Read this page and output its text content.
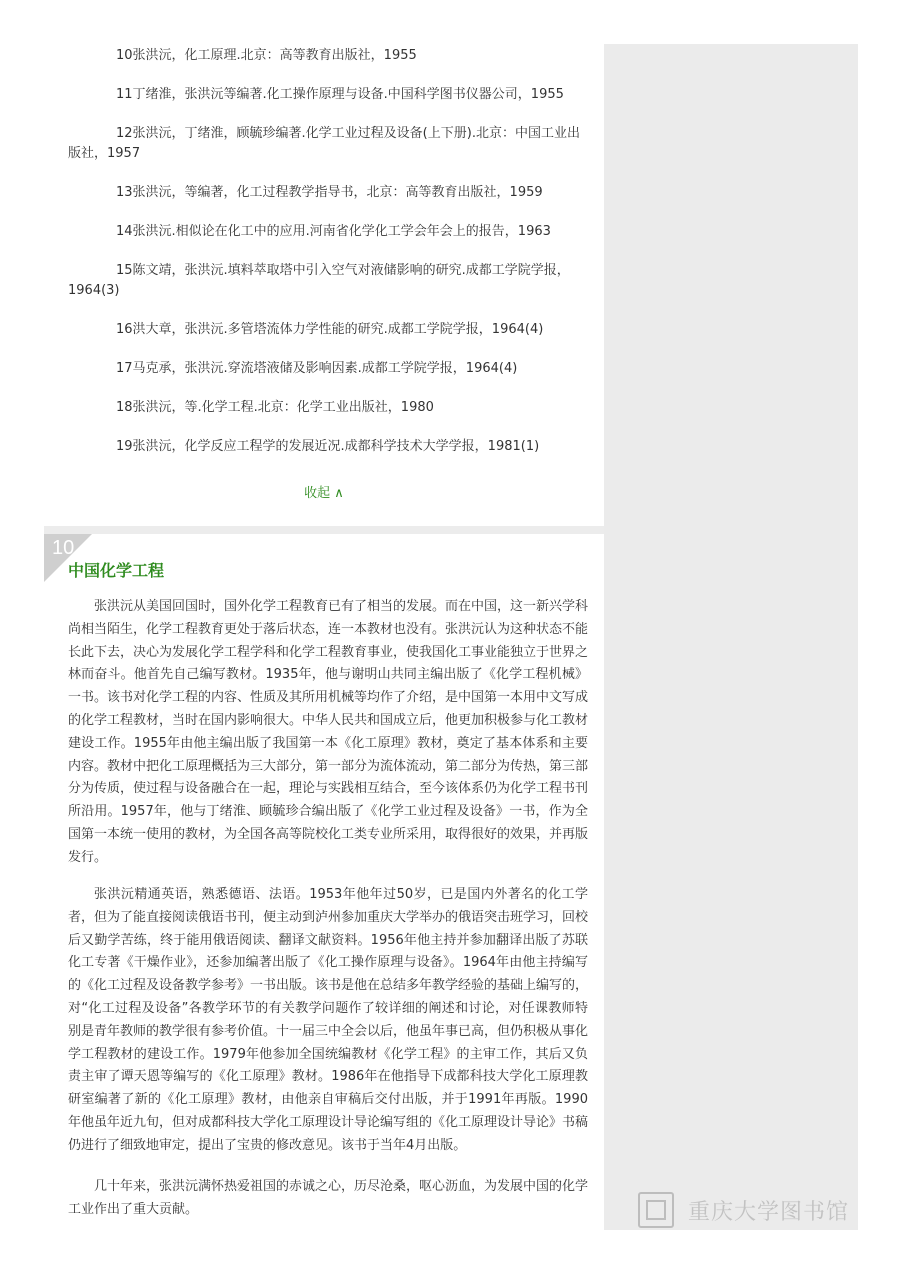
10张洪沅，化工原理.北京：高等教育出版社，1955
11丁绪淮，张洪沅等编著.化工操作原理与设备.中国科学图书仪器公司，1955
12张洪沅，丁绪淮，顾毓珍编著.化学工业过程及设备(上下册).北京：中国工业出版社，1957
13张洪沅，等编著，化工过程教学指导书，北京：高等教育出版社，1959
14张洪沅.相似论在化工中的应用.河南省化学化工学会年会上的报告，1963
15陈文靖，张洪沅.填料萃取塔中引入空气对液储影响的研究.成都工学院学报，1964(3)
16洪大章，张洪沅.多管塔流体力学性能的研究.成都工学院学报，1964(4)
17马克承，张洪沅.穿流塔液储及影响因素.成都工学院学报，1964(4)
18张洪沅，等.化学工程.北京：化学工业出版社，1980
19张洪沅，化学反应工程学的发展近况.成都科学技术大学学报，1981(1)
收起 ∧
10
中国化学工程

张洪沅从美国回国时，国外化学工程教育已有了相当的发展。而在中国，这一新兴学科尚相当陌生，化学工程教育更处于落后状态，连一本教材也没有。张洪沅认为这种状态不能长此下去，决心为发展化学工程学科和化学工程教育事业，使我国化工事业能独立于世界之林而奋斗。他首先自己编写教材。1935年，他与谢明山共同主编出版了《化学工程机械》一书。该书对化学工程的内容、性质及其所用机械等均作了介绍，是中国第一本用中文写成的化学工程教材，当时在国内影响很大。中华人民共和国成立后，他更加积极参与化工教材建设工作。1955年由他主编出版了我国第一本《化工原理》教材，奠定了基本体系和主要内容。教材中把化工原理概括为三大部分，第一部分为流体流动，第二部分为传热，第三部分为传质，使过程与设备融合在一起，理论与实践相互结合，至今该体系仍为化学工程书刊所沿用。1957年，他与丁绪淮、顾毓珍合编出版了《化学工业过程及设备》一书，作为全国第一本统一使用的教材，为全国各高等院校化工类专业所采用，取得很好的效果，并再版发行。

张洪沅精通英语，熟悉德语、法语。1953年他年过50岁，已是国内外著名的化工学者，但为了能直接阅读俄语书刊，便主动到泸州参加重庆大学举办的俄语突击班学习，回校后又勤学苦练，终于能用俄语阅读、翻译文献资料。1956年他主持并参加翻译出版了苏联化工专著《干燥作业》，还参加编著出版了《化工操作原理与设备》。1964年由他主持编写的《化工过程及设备教学参考》一书出版。该书是他在总结多年教学经验的基础上编写的，对“化工过程及设备”各教学环节的有关教学问题作了较详细的阐述和讨论，对任课教师特别是青年教师的教学很有参考价值。十一届三中全会以后，他虽年事已高，但仍积极从事化学工程教材的建设工作。1979年他参加全国统编教材《化学工程》的主审工作，其后又负责主审了谭天恩等编写的《化工原理》教材。1986年在他指导下成都科技大学化工原理教研室编著了新的《化工原理》教材，由他亲自审稿后交付出版，并于1991年再版。1990年他虽年近九旬，但对成都科技大学化工原理设计导论编写组的《化工原理设计导论》书稿仍进行了细致地审定，提出了宝贵的修改意见。该书于当年4月出版。

几十年来，张洪沅满怀热爱祖国的赤诚之心，历尽沧桑，呕心沥血，为发展中国的化学工业作出了重大贡献。	重庆大学图书馆
